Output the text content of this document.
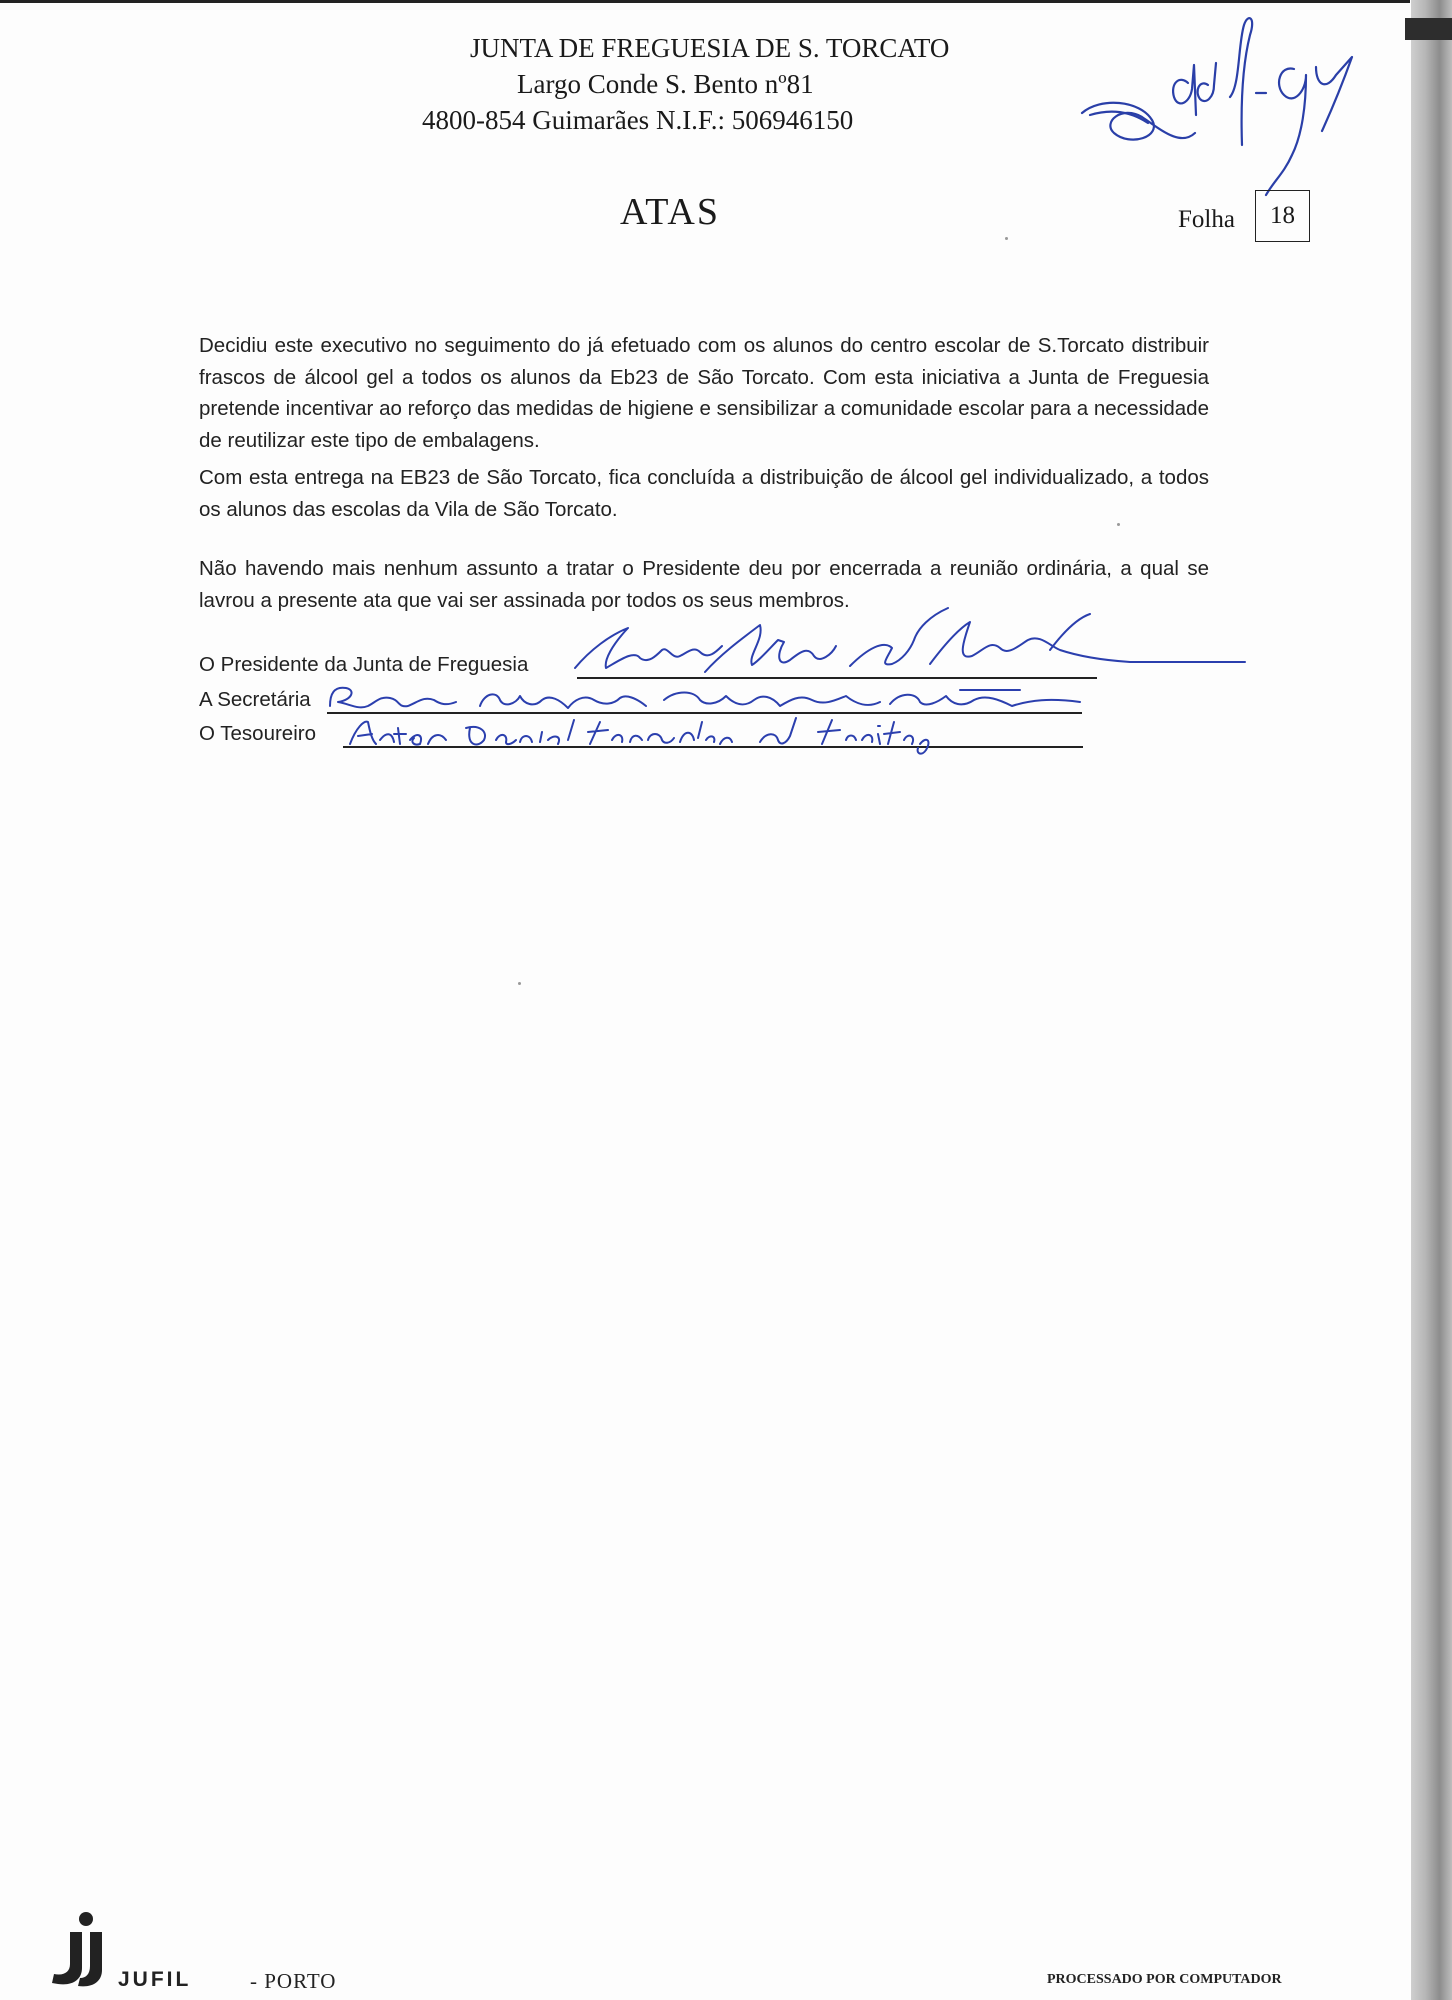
JUNTA DE FREGUESIA DE S. TORCATO
Largo Conde S. Bento nº81
4800-854 Guimarães N.I.F.: 506946150
ATAS	Folha	18
Decidiu este executivo no seguimento do já efetuado com os alunos do centro escolar de S.Torcato distribuir frascos de álcool gel a todos os alunos da Eb23 de São Torcato. Com esta iniciativa a Junta de Freguesia pretende incentivar ao reforço das medidas de higiene e sensibilizar a comunidade escolar para a necessidade de reutilizar este tipo de embalagens.
Com esta entrega na EB23 de São Torcato, fica concluída a distribuição de álcool gel individualizado, a todos os alunos das escolas da Vila de São Torcato.
Não havendo mais nenhum assunto a tratar o Presidente deu por encerrada a reunião ordinária, a qual se lavrou a presente ata que vai ser assinada por todos os seus membros.
O Presidente da Junta de Freguesia
A Secretária
O Tesoureiro
JUFIL	- PORTO	PROCESSADO POR COMPUTADOR
